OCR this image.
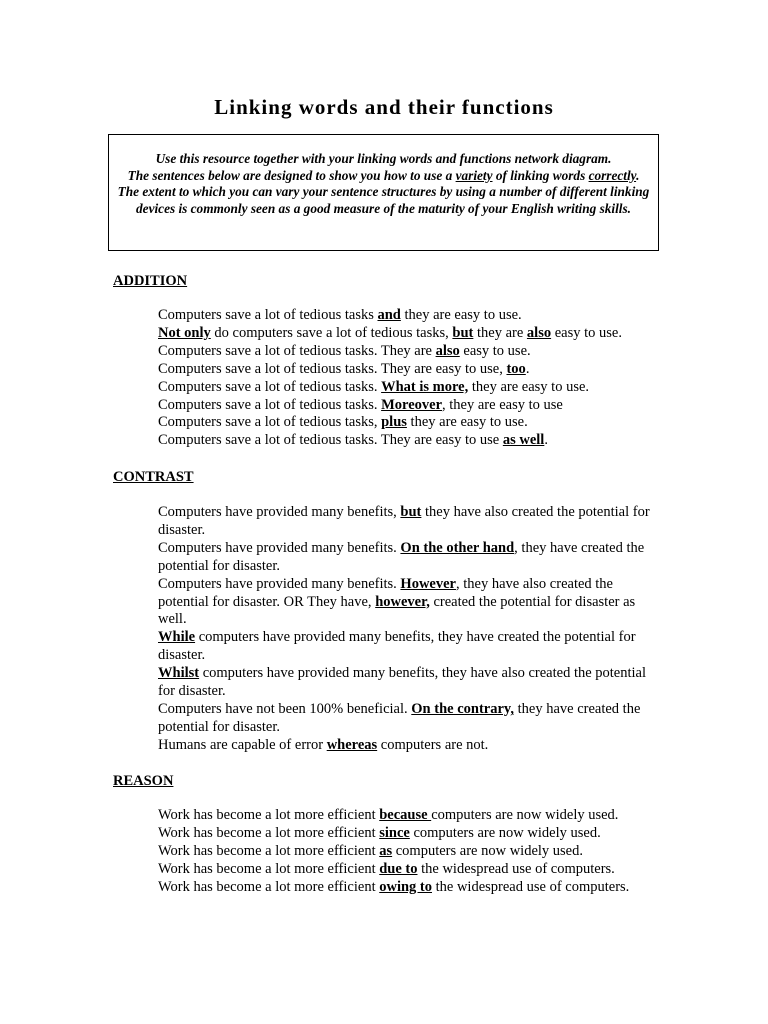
Linking words and their functions

Use this resource together with your linking words and functions network diagram.

The sentences below are designed to show you how to use a variety of linking words correctly.

The extent to which you can vary your sentence structures by using a number of different linking devices is commonly seen as a good measure of the maturity of your English writing skills.

ADDITION
Computers save a lot of tedious tasks and they are easy to use.
Not only do computers save a lot of tedious tasks, but they are also easy to use.
Computers save a lot of tedious tasks. They are also easy to use.
Computers save a lot of tedious tasks. They are easy to use, too.
Computers save a lot of tedious tasks. What is more, they are easy to use.
Computers save a lot of tedious tasks. Moreover, they are easy to use
Computers save a lot of tedious tasks, plus they are easy to use.
Computers save a lot of tedious tasks. They are easy to use as well.
CONTRAST
Computers have provided many benefits, but they have also created the potential for disaster.
Computers have provided many benefits. On the other hand, they have created the potential for disaster.
Computers have provided many benefits. However, they have also created the potential for disaster. OR They have, however, created the potential for disaster as well.
While computers have provided many benefits, they have created the potential for disaster.
Whilst computers have provided many benefits, they have also created the potential for disaster.
Computers have not been 100% beneficial. On the contrary, they have created the potential for disaster.
Humans are capable of error whereas computers are not.
REASON
Work has become a lot more efficient because computers are now widely used.
Work has become a lot more efficient since computers are now widely used.
Work has become a lot more efficient as computers are now widely used.
Work has become a lot more efficient due to the widespread use of computers.
Work has become a lot more efficient owing to the widespread use of computers.
